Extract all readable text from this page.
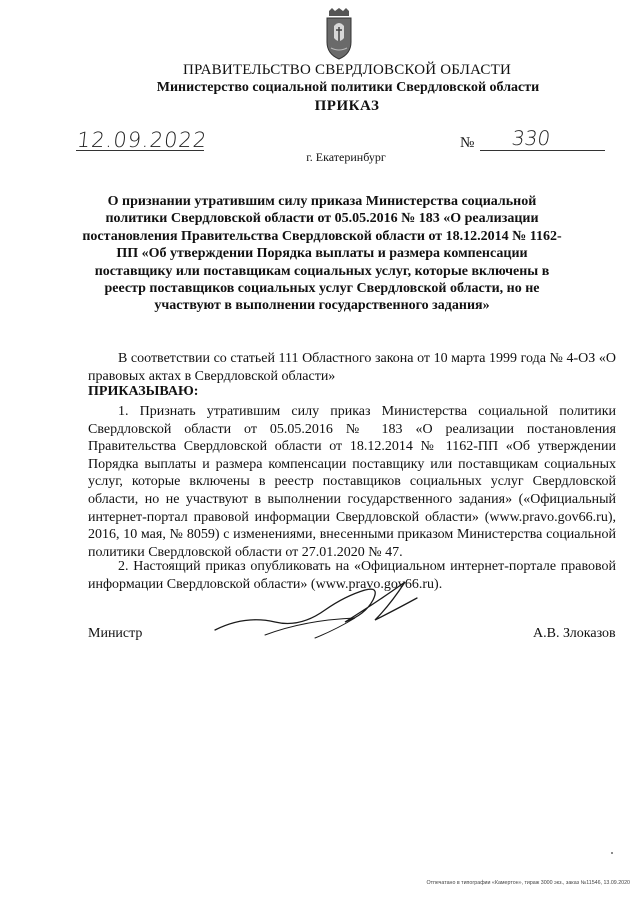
ПРАВИТЕЛЬСТВО СВЕРДЛОВСКОЙ ОБЛАСТИ
Министерство социальной политики Свердловской области
ПРИКАЗ
12.09.2022	№ 330
г. Екатеринбург
О признании утратившим силу приказа Министерства социальной политики Свердловской области от 05.05.2016 № 183 «О реализации постановления Правительства Свердловской области от 18.12.2014 № 1162-ПП «Об утверждении Порядка выплаты и размера компенсации поставщику или поставщикам социальных услуг, которые включены в реестр поставщиков социальных услуг Свердловской области, но не участвуют в выполнении государственного задания»
В соответствии со статьей 111 Областного закона от 10 марта 1999 года № 4-ОЗ «О правовых актах в Свердловской области»
ПРИКАЗЫВАЮ:
1. Признать утратившим силу приказ Министерства социальной политики Свердловской области от 05.05.2016 № 183 «О реализации постановления Правительства Свердловской области от 18.12.2014 № 1162-ПП «Об утверждении Порядка выплаты и размера компенсации поставщику или поставщикам социальных услуг, которые включены в реестр поставщиков социальных услуг Свердловской области, но не участвуют в выполнении государственного задания» («Официальный интернет-портал правовой информации Свердловской области» (www.pravo.gov66.ru), 2016, 10 мая, № 8059) с изменениями, внесенными приказом Министерства социальной политики Свердловской области от 27.01.2020 № 47.
2. Настоящий приказ опубликовать на «Официальном интернет-портале правовой информации Свердловской области» (www.pravo.gov66.ru).
Министр	А.В. Злоказов
Отпечатано в типографии «Камертон», тираж 3000 экз., заказ №11546, 13.09.2020
